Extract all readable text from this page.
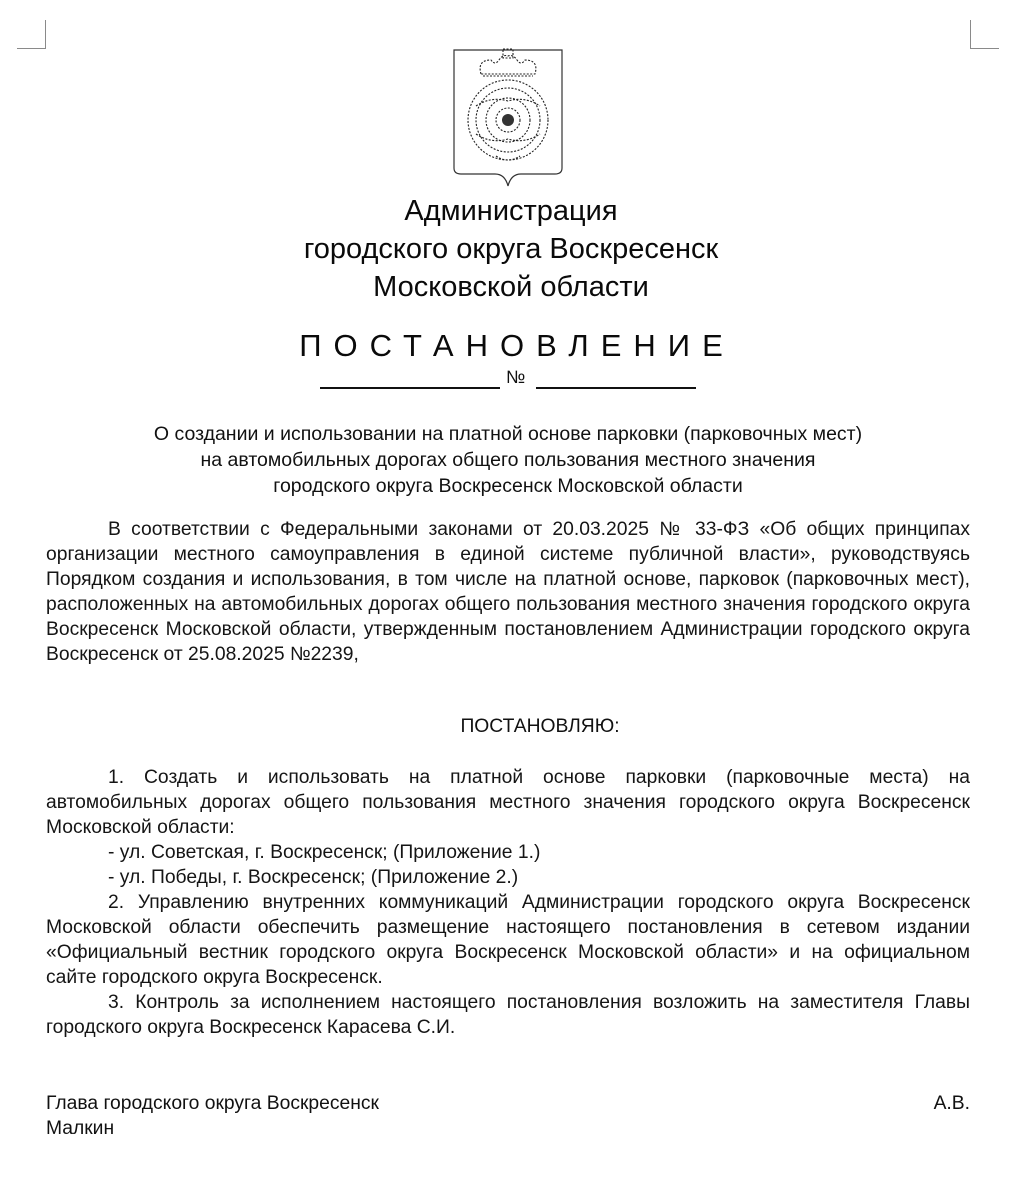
Администрация
городского округа Воскресенск
Московской области
ПОСТАНОВЛЕНИЕ
№
О создании и использовании на платной основе парковки (парковочных мест)
на автомобильных дорогах общего пользования местного значения
городского округа Воскресенск Московской области

В соответствии с Федеральными законами от 20.03.2025 № 33-ФЗ «Об общих принципах организации местного самоуправления в единой системе публичной власти», руководствуясь Порядком создания и использования, в том числе на платной основе, парковок (парковочных мест), расположенных на автомобильных дорогах общего пользования местного значения городского округа Воскресенск Московской области, утвержденным постановлением Администрации городского округа Воскресенск от 25.08.2025 №2239,

ПОСТАНОВЛЯЮ:

1. Создать и использовать на платной основе парковки (парковочные места) на автомобильных дорогах общего пользования местного значения городского округа Воскресенск Московской области:

- ул. Советская, г. Воскресенск; (Приложение 1.)

- ул. Победы, г. Воскресенск; (Приложение 2.)

2. Управлению внутренних коммуникаций Администрации городского округа Воскресенск Московской области обеспечить размещение настоящего постановления в сетевом издании «Официальный вестник городского округа Воскресенск Московской области» и на официальном сайте городского округа Воскресенск.

3. Контроль за исполнением настоящего постановления возложить на заместителя Главы городского округа Воскресенск Карасева С.И.

Глава городского округа Воскресенск	А.В.
Малкин
